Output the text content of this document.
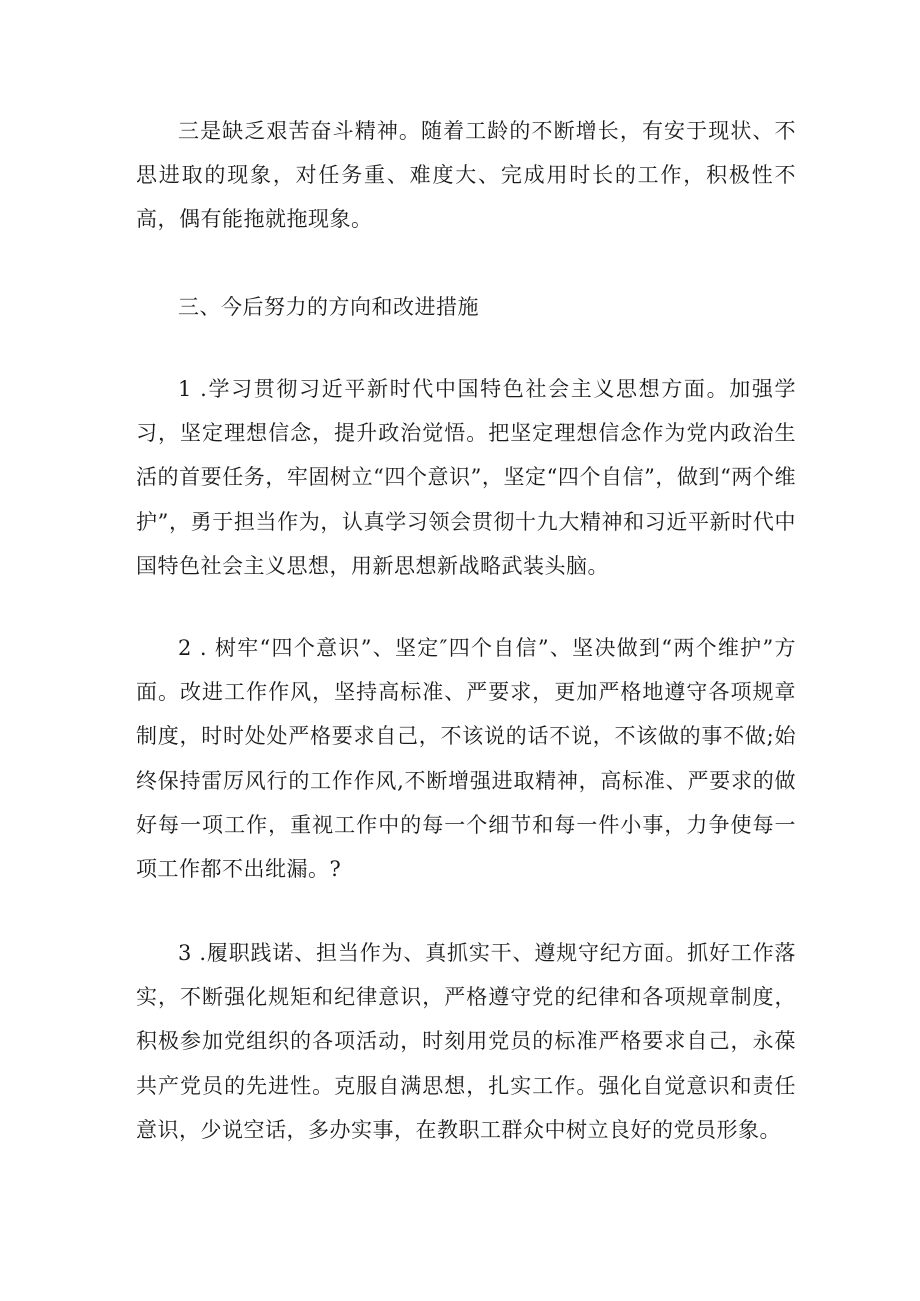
三是缺乏艰苦奋斗精神。随着工龄的不断增长，有安于现状、不思进取的现象，对任务重、难度大、完成用时长的工作，积极性不高，偶有能拖就拖现象。

三、今后努力的方向和改进措施

1 .学习贯彻习近平新时代中国特色社会主义思想方面。加强学习，坚定理想信念，提升政治觉悟。把坚定理想信念作为党内政治生活的首要任务，牢固树立“四个意识”，坚定“四个自信”，做到“两个维护”，勇于担当作为，认真学习领会贯彻十九大精神和习近平新时代中国特色社会主义思想，用新思想新战略武装头脑。

2 . 树牢“四个意识”、坚定″四个自信”、坚决做到“两个维护”方面。改进工作作风，坚持高标准、严要求，更加严格地遵守各项规章制度，时时处处严格要求自己，不该说的话不说，不该做的事不做;始终保持雷厉风行的工作作风,不断增强进取精神，高标准、严要求的做好每一项工作，重视工作中的每一个细节和每一件小事，力争使每一项工作都不出纰漏。?

3 .履职践诺、担当作为、真抓实干、遵规守纪方面。抓好工作落实，不断强化规矩和纪律意识，严格遵守党的纪律和各项规章制度，积极参加党组织的各项活动，时刻用党员的标准严格要求自己，永葆共产党员的先进性。克服自满思想，扎实工作。强化自觉意识和责任意识，少说空话，多办实事，在教职工群众中树立良好的党员形象。
